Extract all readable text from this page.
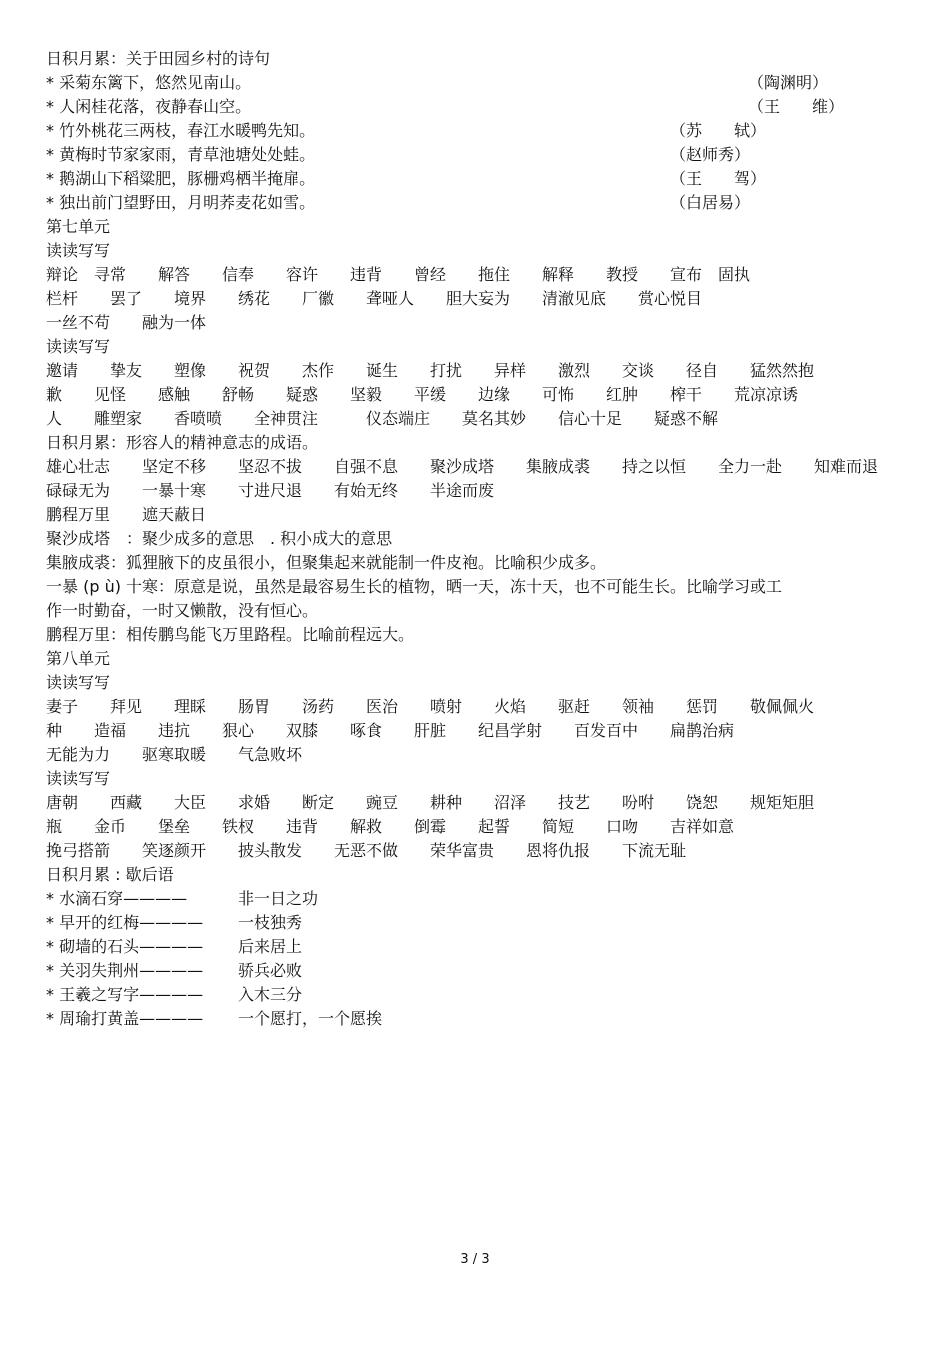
日积月累：关于田园乡村的诗句
* 采菊东篱下，悠然见南山。	（陶渊明）
* 人闲桂花落，夜静春山空。	（王　　维）
* 竹外桃花三两枝，春江水暖鸭先知。	（苏　　轼）
* 黄梅时节家家雨，青草池塘处处蛙。	（赵师秀）
* 鹅湖山下稻粱肥，豚栅鸡栖半掩扉。	（王　　驾）
* 独出前门望野田，月明荞麦花如雪。	（白居易）
第七单元
读读写写
辩论　寻常　　解答　　信奉　　容许　　违背　　曾经　　拖住　　解释　　教授　　宣布　固执
栏杆　　罢了　　境界　　绣花　　厂徽　　聋哑人　　胆大妄为　　清澈见底　　赏心悦目
一丝不苟　　融为一体
读读写写
邀请　　挚友　　塑像　　祝贺　　杰作　　诞生　　打扰　　异样　　激烈　　交谈　　径自　　猛然然抱
歉　　见怪　　感触　　舒畅　　疑惑　　坚毅　　平缓　　边缘　　可怖　　红肿　　榨干　　荒凉凉诱
人　　雕塑家　　香喷喷　　全神贯注　　　仪态端庄　　莫名其妙　　信心十足　　疑惑不解
日积月累：形容人的精神意志的成语。
雄心壮志　　坚定不移　　坚忍不拔　　自强不息　　聚沙成塔　　集腋成裘　　持之以恒　　全力一赴　　知难而退
碌碌无为　　一暴十寒　　寸进尺退　　有始无终　　半途而废
鹏程万里　　遮天蔽日
聚沙成塔　：聚少成多的意思　. 积小成大的意思
集腋成裘：狐狸腋下的皮虽很小，但聚集起来就能制一件皮袍。比喻积少成多。
一暴 (p ù) 十寒：原意是说，虽然是最容易生长的植物，晒一天，冻十天，也不可能生长。比喻学习或工
作一时勤奋，一时又懒散，没有恒心。
鹏程万里：相传鹏鸟能飞万里路程。比喻前程远大。
第八单元
读读写写
妻子　　拜见　　理睬　　肠胃　　汤药　　医治　　喷射　　火焰　　驱赶　　领袖　　惩罚　　敬佩佩火
种　　造福　　违抗　　狠心　　双膝　　啄食　　肝脏　　纪昌学射　　百发百中　　扁鹊治病
无能为力　　驱寒取暖　　气急败坏
读读写写
唐朝　　西藏　　大臣　　求婚　　断定　　豌豆　　耕种　　沼泽　　技艺　　吩咐　　饶恕　　规矩矩胆
瓶　　金币　　堡垒　　铁杈　　违背　　解救　　倒霉　　起誓　　简短　　口吻　　吉祥如意
挽弓搭箭　　笑逐颜开　　披头散发　　无恶不做　　荣华富贵　　恩将仇报　　下流无耻
日积月累 : 歇后语
* 水滴石穿————	非一日之功
* 早开的红梅———— 一枝独秀
* 砌墙的石头———— 后来居上
* 关羽失荆州———— 骄兵必败
* 王羲之写字———— 入木三分
* 周瑜打黄盖———— 一个愿打，一个愿挨
3 / 3
